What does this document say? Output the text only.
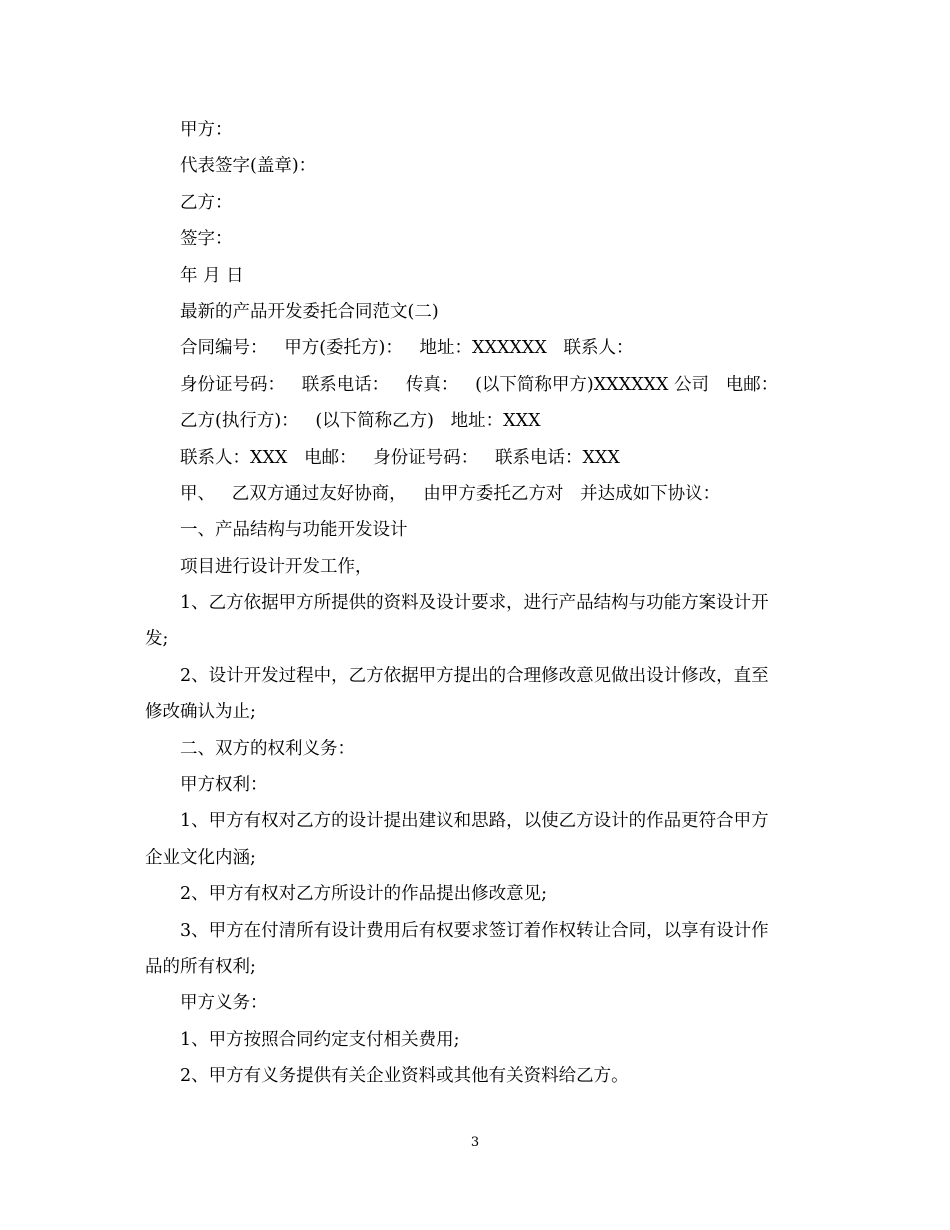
甲方：
代表签字(盖章)：
乙方：
签字：
年 月 日
最新的产品开发委托合同范文(二)
合同编号：   甲方(委托方)：   地址：XXXXXX   联系人：
身份证号码：   联系电话：   传真：   (以下简称甲方)XXXXXX 公司   电邮：
乙方(执行方)：   (以下简称乙方)   地址：XXX
联系人：XXX   电邮：   身份证号码：   联系电话：XXX
甲、   乙双方通过友好协商，   由甲方委托乙方对   并达成如下协议：
一、产品结构与功能开发设计
项目进行设计开发工作，
1、乙方依据甲方所提供的资料及设计要求，进行产品结构与功能方案设计开
发;
2、设计开发过程中，乙方依据甲方提出的合理修改意见做出设计修改，直至
修改确认为止;
二、双方的权利义务：
甲方权利：
1、甲方有权对乙方的设计提出建议和思路，以使乙方设计的作品更符合甲方
企业文化内涵;
2、甲方有权对乙方所设计的作品提出修改意见;
3、甲方在付清所有设计费用后有权要求签订着作权转让合同，以享有设计作
品的所有权利;
甲方义务：
1、甲方按照合同约定支付相关费用;
2、甲方有义务提供有关企业资料或其他有关资料给乙方。
3
